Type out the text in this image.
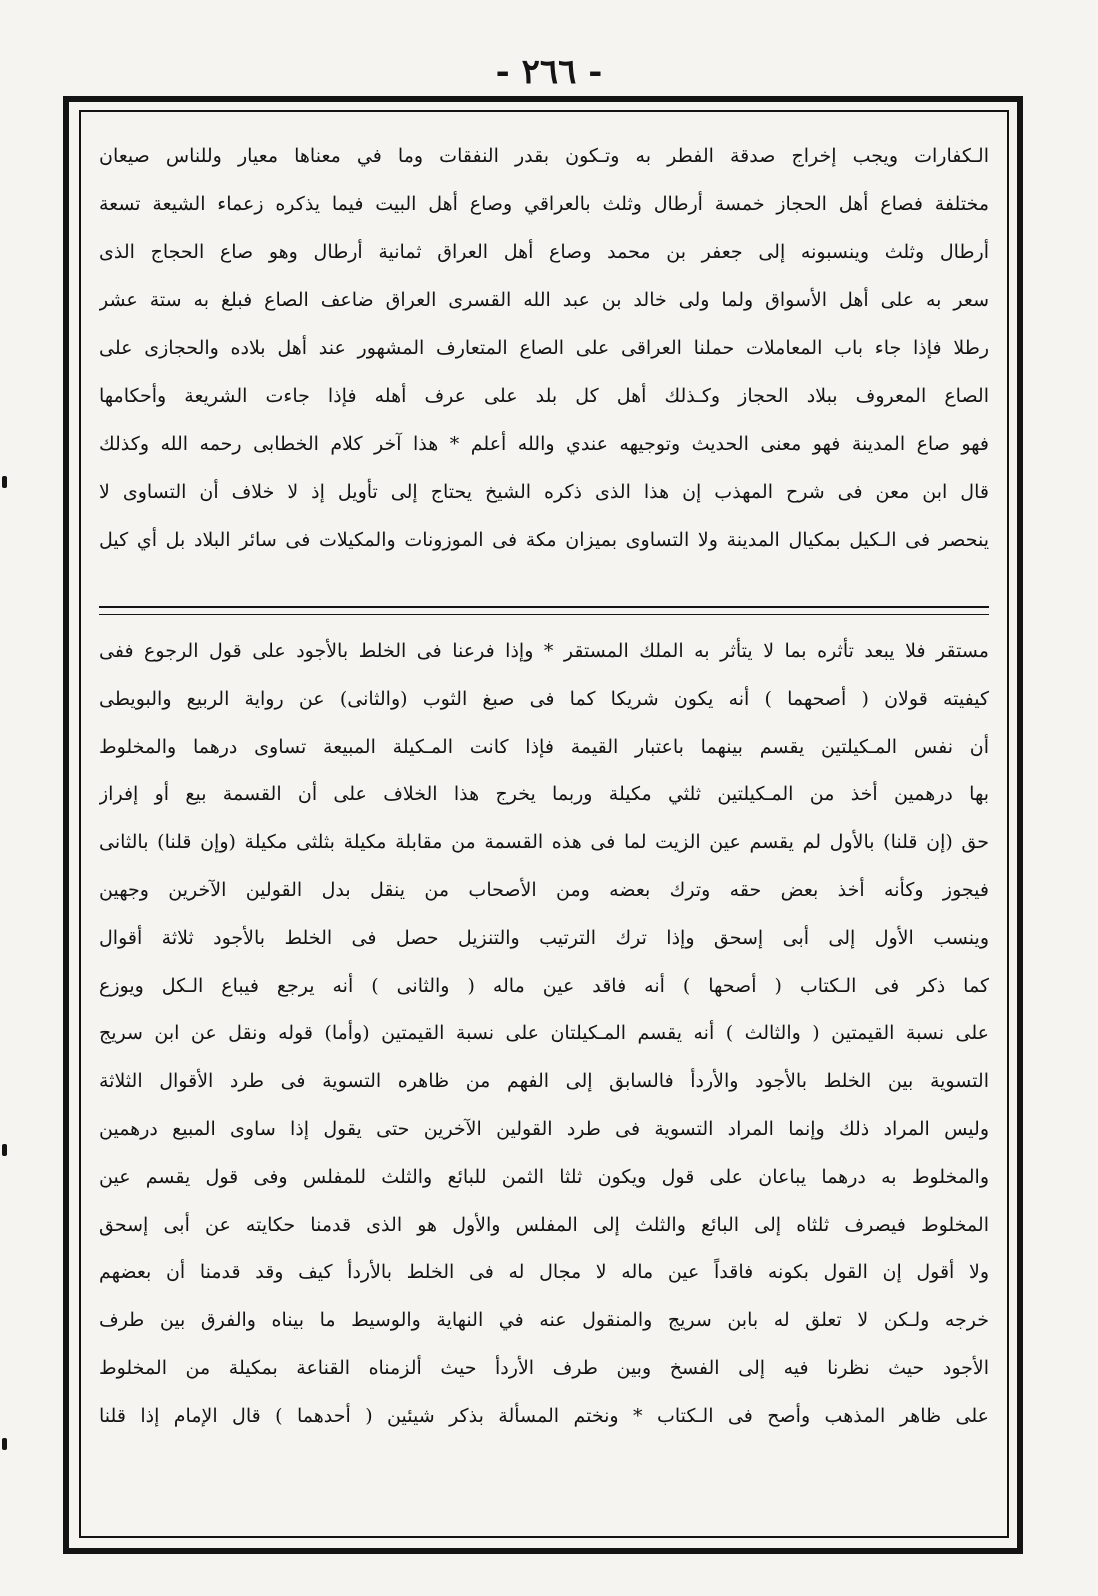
- ٢٦٦ -
الـكفارات ويجب إخراج صدقة الفطر به وتـكون بقدر النفقات وما في معناها معيار وللناس صيعان
مختلفة فصاع أهل الحجاز خمسة أرطال وثلث بالعراقي وصاع أهل البيت فيما يذكره زعماء الشيعة تسعة
أرطال وثلث وينسبونه إلى جعفر بن محمد وصاع أهل العراق ثمانية أرطال وهو صاع الحجاج الذى
سعر به على أهل الأسواق ولما ولى خالد بن عبد الله القسرى العراق ضاعف الصاع فبلغ به ستة عشر
رطلا فإذا جاء باب المعاملات حملنا العراقى على الصاع المتعارف المشهور عند أهل بلاده والحجازى على
الصاع المعروف ببلاد الحجاز وكـذلك أهل كل بلد على عرف أهله فإذا جاءت الشريعة وأحكامها
فهو صاع المدينة فهو معنى الحديث وتوجيهه عندي والله أعلم * هذا آخر كلام الخطابى رحمه الله وكذلك
قال ابن معن فى شرح المهذب إن هذا الذى ذكره الشيخ يحتاج إلى تأويل إذ لا خلاف أن التساوى لا
ينحصر فى الـكيل بمكيال المدينة ولا التساوى بميزان مكة فى الموزونات والمكيلات فى سائر البلاد بل أي كيل
مستقر فلا يبعد تأثره بما لا يتأثر به الملك المستقر * وإذا فرعنا فى الخلط بالأجود على قول الرجوع ففى
كيفيته قولان ( أصحهما ) أنه يكون شريكا كما فى صبغ الثوب (والثانى) عن رواية الربيع والبويطى
أن نفس المـكيلتين يقسم بينهما باعتبار القيمة فإذا كانت المـكيلة المبيعة تساوى درهما والمخلوط
بها درهمين أخذ من المـكيلتين ثلثي مكيلة وربما يخرج هذا الخلاف على أن القسمة بيع أو إفراز
حق (إن قلنا) بالأول لم يقسم عين الزيت لما فى هذه القسمة من مقابلة مكيلة بثلثى مكيلة (وإن قلنا) بالثانى
فيجوز وكأنه أخذ بعض حقه وترك بعضه ومن الأصحاب من ينقل بدل القولين الآخرين وجهين
وينسب الأول إلى أبى إسحق وإذا ترك الترتيب والتنزيل حصل فى الخلط بالأجود ثلاثة أقوال
كما ذكر فى الـكتاب ( أصحها ) أنه فاقد عين ماله ( والثانى ) أنه يرجع فيباع الـكل ويوزع
على نسبة القيمتين ( والثالث ) أنه يقسم المـكيلتان على نسبة القيمتين (وأما) قوله ونقل عن ابن سريج
التسوية بين الخلط بالأجود والأردأ فالسابق إلى الفهم من ظاهره التسوية فى طرد الأقوال الثلاثة
وليس المراد ذلك وإنما المراد التسوية فى طرد القولين الآخرين حتى يقول إذا ساوى المبيع درهمين
والمخلوط به درهما يباعان على قول ويكون ثلثا الثمن للبائع والثلث للمفلس وفى قول يقسم عين
المخلوط فيصرف ثلثاه إلى البائع والثلث إلى المفلس والأول هو الذى قدمنا حكايته عن أبى إسحق
ولا أقول إن القول بكونه فاقداً عين ماله لا مجال له فى الخلط بالأردأ كيف وقد قدمنا أن بعضهم
خرجه ولـكن لا تعلق له بابن سريج والمنقول عنه في النهاية والوسيط ما بيناه والفرق بين طرف
الأجود حيث نظرنا فيه إلى الفسخ وبين طرف الأردأ حيث ألزمناه القناعة بمكيلة من المخلوط
على ظاهر المذهب وأصح فى الـكتاب * ونختم المسألة بذكر شيئين ( أحدهما ) قال الإمام إذا قلنا
